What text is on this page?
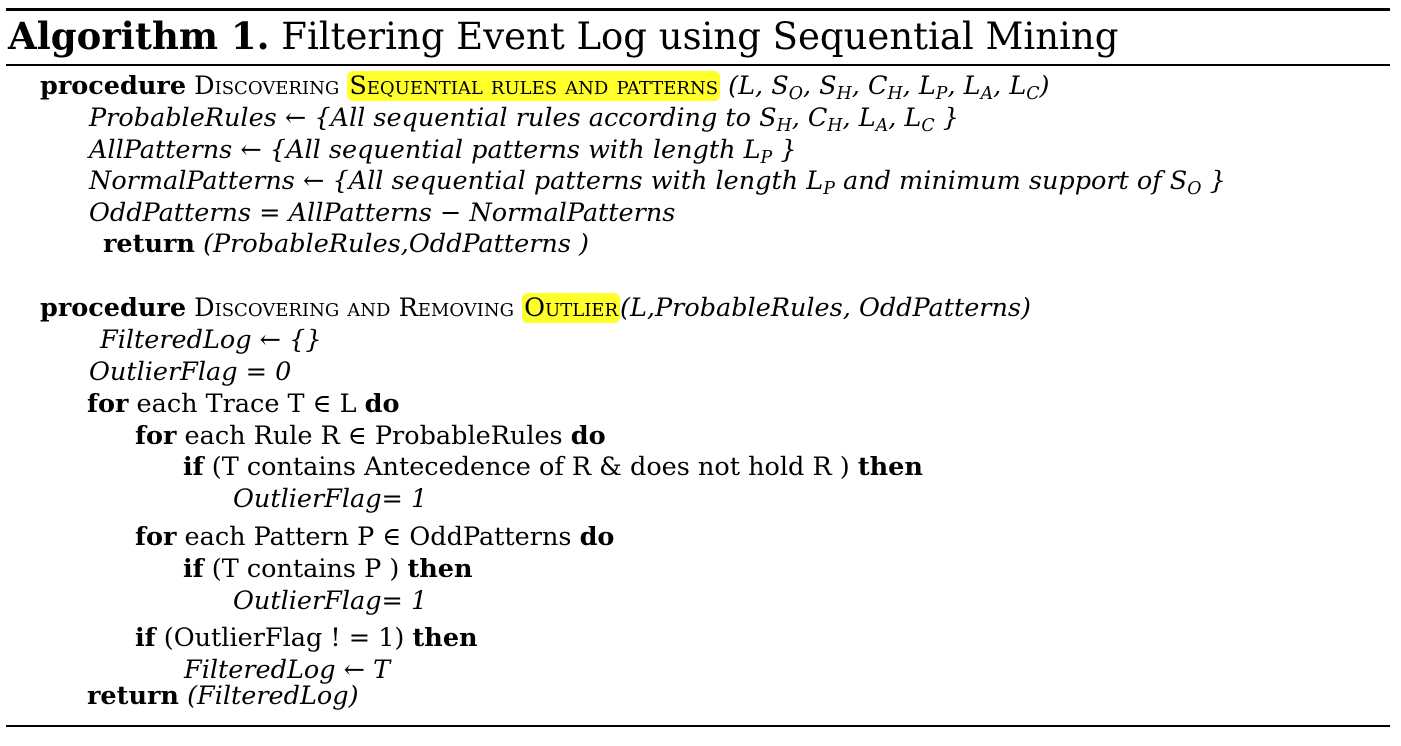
Algorithm 1. Filtering Event Log using Sequential Mining
procedure Discovering Sequential rules and patterns (L, $S_O$, $S_H$, $C_H$, $L_P$, $L_A$, $L_C$)
ProbableRules ← {All sequential rules according to $S_H$, $C_H$, $L_A$, $L_C$ }
AllPatterns ← {All sequential patterns with length $L_P$ }
NormalPatterns ← {All sequential patterns with length $L_P$ and minimum support of $S_O$ }
OddPatterns = AllPatterns − NormalPatterns
return (ProbableRules,OddPatterns )
procedure Discovering and Removing Outlier(L,ProbableRules, OddPatterns)
FilteredLog ← {}
OutlierFlag = 0
for each Trace T ∈ L do
for each Rule R ∈ ProbableRules do
if (T contains Antecedence of R & does not hold R ) then
OutlierFlag= 1
for each Pattern P ∈ OddPatterns do
if (T contains P ) then
OutlierFlag= 1
if (OutlierFlag ! = 1) then
FilteredLog ← T
return (FilteredLog)
